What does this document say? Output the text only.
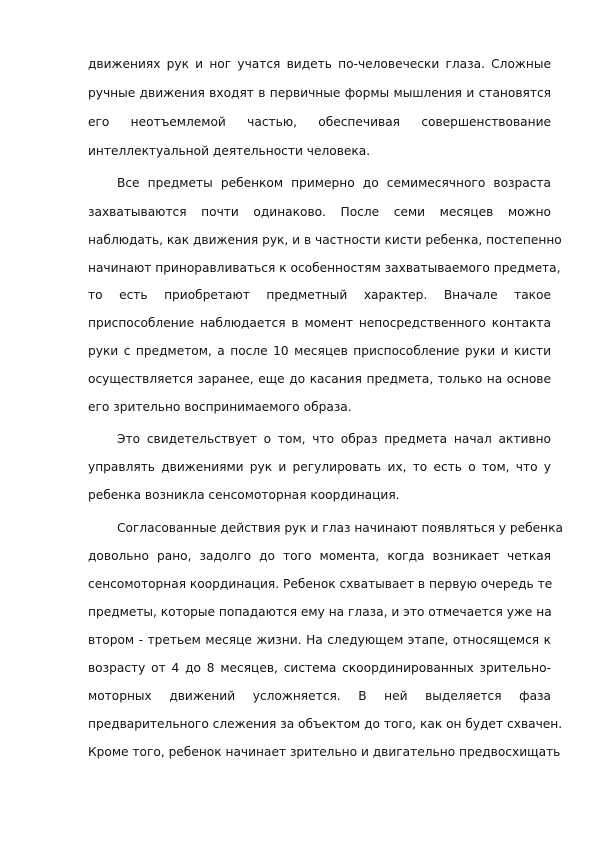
движениях рук и ног учатся видеть по-человечески глаза. Сложные
ручные движения входят в первичные формы мышления и становятся
его неотъемлемой частью, обеспечивая совершенствование
интеллектуальной деятельности человека.
Все предметы ребенком примерно до семимесячного возраста
захватываются почти одинаково. После семи месяцев можно
наблюдать, как движения рук, и в частности кисти ребенка, постепенно
начинают приноравливаться к особенностям захватываемого предмета,
то есть приобретают предметный характер. Вначале такое
приспособление наблюдается в момент непосредственного контакта
руки с предметом, а после 10 месяцев приспособление руки и кисти
осуществляется заранее, еще до касания предмета, только на основе
его зрительно воспринимаемого образа.
Это свидетельствует о том, что образ предмета начал активно
управлять движениями рук и регулировать их, то есть о том, что у
ребенка возникла сенсомоторная координация.
Согласованные действия рук и глаз начинают появляться у ребенка
довольно рано, задолго до того момента, когда возникает четкая
сенсомоторная координация. Ребенок схватывает в первую очередь те
предметы, которые попадаются ему на глаза, и это отмечается уже на
втором - третьем месяце жизни. На следующем этапе, относящемся к
возрасту от 4 до 8 месяцев, система скоординированных зрительно-
моторных движений усложняется. В ней выделяется фаза
предварительного слежения за объектом до того, как он будет схвачен.
Кроме того, ребенок начинает зрительно и двигательно предвосхищать
